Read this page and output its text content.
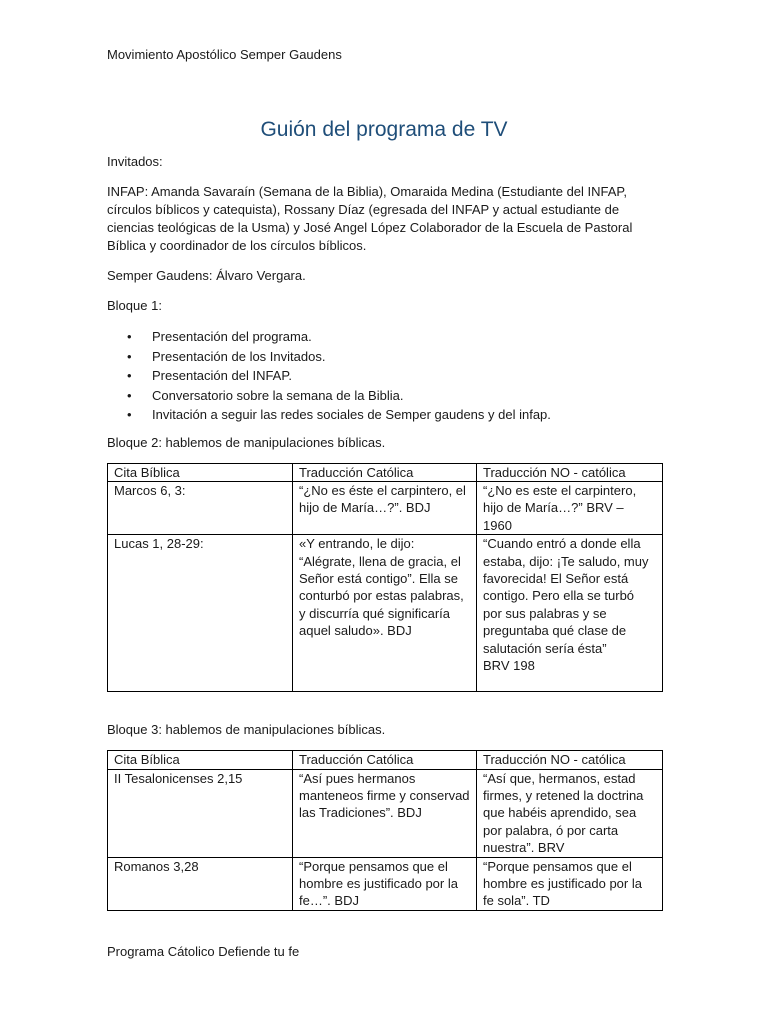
Movimiento Apostólico Semper Gaudens
Guión del programa de TV

Invitados:

INFAP: Amanda Savaraín (Semana de la Biblia), Omaraida Medina (Estudiante del INFAP, círculos bíblicos y catequista), Rossany Díaz (egresada del INFAP y actual estudiante de ciencias teológicas de la Usma) y José Angel López Colaborador de la Escuela de Pastoral Bíblica y coordinador de los círculos bíblicos.

Semper Gaudens: Álvaro Vergara.

Bloque 1:

• Presentación del programa.
• Presentación de los Invitados.
• Presentación del INFAP.
• Conversatorio sobre la semana de la Biblia.
• Invitación a seguir las redes sociales de Semper gaudens y del infap.

Bloque 2: hablemos de manipulaciones bíblicas.

Cita Bíblica	Traducción Católica	Traducción NO - católica
Marcos 6, 3:	“¿No es éste el carpintero, el hijo de María…?”. BDJ	“¿No es este el carpintero, hijo de María…?” BRV – 1960
Lucas 1, 28-29:	«Y entrando, le dijo: “Alégrate, llena de gracia, el Señor está contigo”. Ella se conturbó por estas palabras, y discurría qué significaría aquel saludo». BDJ	“Cuando entró a donde ella estaba, dijo: ¡Te saludo, muy favorecida! El Señor está contigo. Pero ella se turbó por sus palabras y se preguntaba qué clase de salutación sería ésta”
BRV 198

Bloque 3: hablemos de manipulaciones bíblicas.

Cita Bíblica	Traducción Católica	Traducción NO - católica
II Tesalonicenses 2,15	“Así pues hermanos manteneos firme y conservad las Tradiciones”. BDJ	“Así que, hermanos, estad firmes, y retened la doctrina que habéis aprendido, sea por palabra, ó por carta nuestra”. BRV
Romanos 3,28	“Porque pensamos que el hombre es justificado por la fe…”. BDJ	“Porque pensamos que el hombre es justificado por la fe sola”. TD
Programa Cátolico Defiende tu fe
